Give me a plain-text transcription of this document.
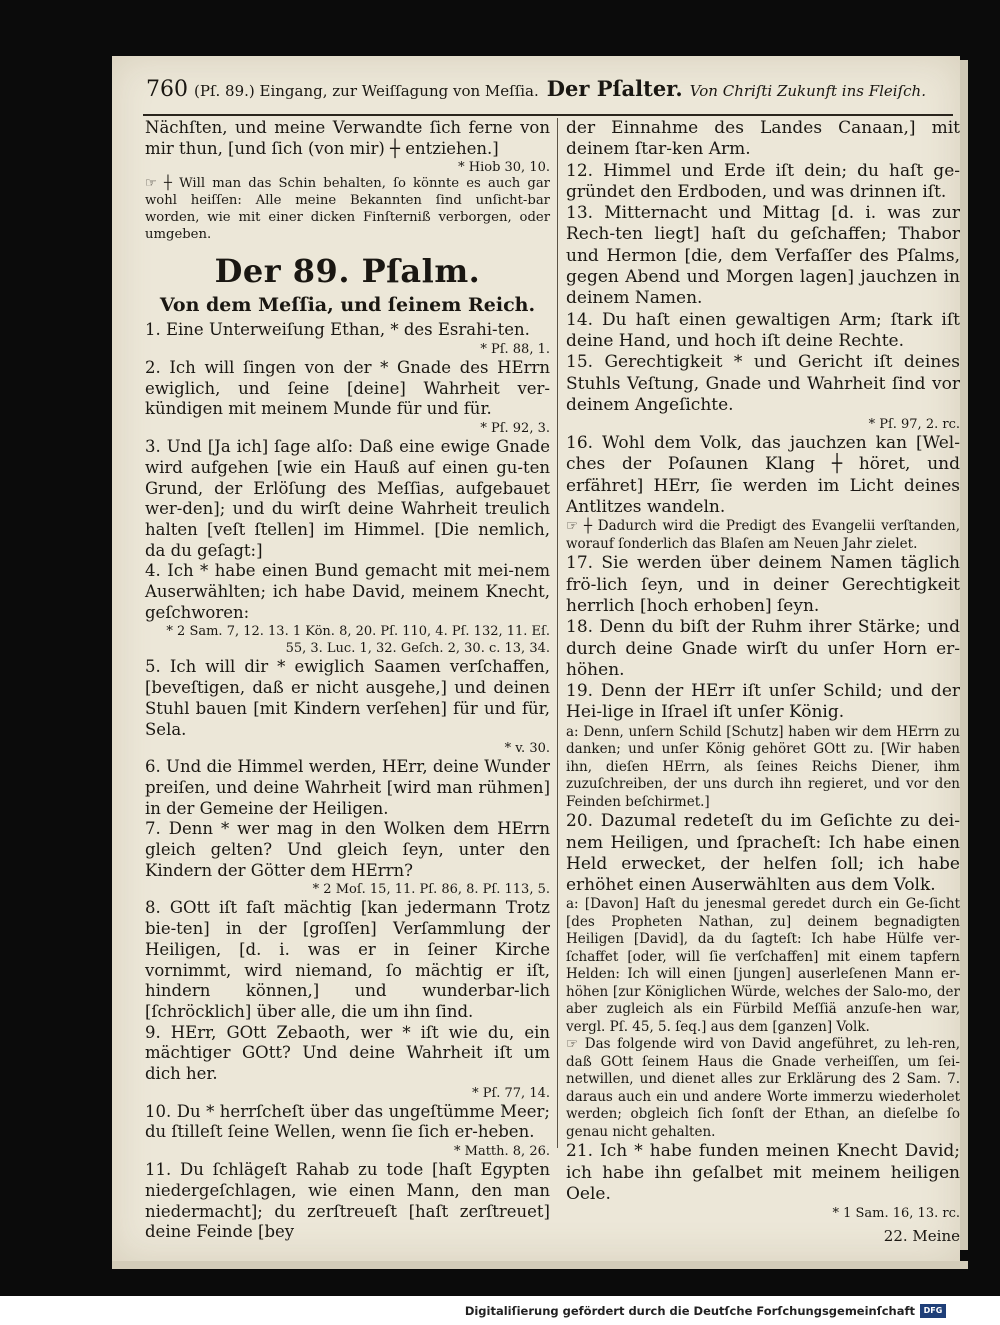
760 (Pſ. 89.) Eingang, zur Weiſſagung von Meſſia. Der Pſalter. Von Chriſti Zukunft ins Fleiſch.

Nächſten, und meine Verwandte ſich ferne von mir thun, [und ſich (von mir) ┼ entziehen.]

* Hiob 30, 10.

☞ ┼ Will man das Schin behalten, ſo könnte es auch gar wohl heiſſen: Alle meine Bekannten ſind unſicht-bar worden, wie mit einer dicken Finſterniß verborgen, oder umgeben.

Der 89. Pſalm.
Von dem Meſſia, und ſeinem Reich.

1. Eine Unterweiſung Ethan, * des Esrahi-ten.

* Pſ. 88, 1.

2. Ich will ſingen von der * Gnade des HErrn ewiglich, und ſeine [deine] Wahrheit ver-kündigen mit meinem Munde für und für.

* Pſ. 92, 3.

3. Und [Ja ich] ſage alſo: Daß eine ewige Gnade wird aufgehen [wie ein Hauß auf einen gu-ten Grund, der Erlöſung des Meſſias, aufgebauet wer-den]; und du wirſt deine Wahrheit treulich halten [veſt ſtellen] im Himmel. [Die nemlich, da du geſagt:]

4. Ich * habe einen Bund gemacht mit mei-nem Auserwählten; ich habe David, meinem Knecht, geſchworen:

* 2 Sam. 7, 12. 13. 1 Kön. 8, 20. Pſ. 110, 4. Pſ. 132, 11. Eſ. 55, 3. Luc. 1, 32. Geſch. 2, 30. c. 13, 34.

5. Ich will dir * ewiglich Saamen verſchaffen, [beveſtigen, daß er nicht ausgehe,] und deinen Stuhl bauen [mit Kindern verſehen] für und für, Sela.

* v. 30.

6. Und die Himmel werden, HErr, deine Wunder preiſen, und deine Wahrheit [wird man rühmen] in der Gemeine der Heiligen.

7. Denn * wer mag in den Wolken dem HErrn gleich gelten? Und gleich ſeyn, unter den Kindern der Götter dem HErrn?

* 2 Moſ. 15, 11. Pſ. 86, 8. Pſ. 113, 5.

8. GOtt iſt faſt mächtig [kan jedermann Trotz bie-ten] in der [groſſen] Verſammlung der Heiligen, [d. i. was er in ſeiner Kirche vornimmt, wird niemand, ſo mächtig er iſt, hindern können,] und wunderbar-lich [ſchröcklich] über alle, die um ihn ſind.

9. HErr, GOtt Zebaoth, wer * iſt wie du, ein mächtiger GOtt? Und deine Wahrheit iſt um dich her.

* Pſ. 77, 14.

10. Du * herrſcheſt über das ungeſtümme Meer; du ſtilleſt ſeine Wellen, wenn ſie ſich er-heben.

* Matth. 8, 26.

11. Du ſchlägeſt Rahab zu tode [haſt Egypten niedergeſchlagen, wie einen Mann, den man niedermacht]; du zerſtreueſt [haſt zerſtreuet] deine Feinde [bey

der Einnahme des Landes Canaan,] mit deinem ſtar-ken Arm.

12. Himmel und Erde iſt dein; du haſt ge-gründet den Erdboden, und was drinnen iſt.

13. Mitternacht und Mittag [d. i. was zur Rech-ten liegt] haſt du geſchaffen; Thabor und Hermon [die, dem Verfaſſer des Pſalms, gegen Abend und Morgen lagen] jauchzen in deinem Namen.

14. Du haſt einen gewaltigen Arm; ſtark iſt deine Hand, und hoch iſt deine Rechte.

15. Gerechtigkeit * und Gericht iſt deines Stuhls Veſtung, Gnade und Wahrheit ſind vor deinem Angeſichte.

* Pſ. 97, 2. rc.

16. Wohl dem Volk, das jauchzen kan [Wel-ches der Poſaunen Klang ┼ höret, und erfähret] HErr, ſie werden im Licht deines Antlitzes wandeln.

☞ ┼ Dadurch wird die Predigt des Evangelii verſtanden, worauf ſonderlich das Blaſen am Neuen Jahr zielet.

17. Sie werden über deinem Namen täglich frö-lich ſeyn, und in deiner Gerechtigkeit herrlich [hoch erhoben] ſeyn.

18. Denn du biſt der Ruhm ihrer Stärke; und durch deine Gnade wirſt du unſer Horn er-höhen.

19. Denn der HErr iſt unſer Schild; und der Hei-lige in Iſrael iſt unſer König.

a: Denn, unſern Schild [Schutz] haben wir dem HErrn zu danken; und unſer König gehöret GOtt zu. [Wir haben ihn, dieſen HErrn, als ſeines Reichs Diener, ihm zuzuſchreiben, der uns durch ihn regieret, und vor den Feinden beſchirmet.]

20. Dazumal redeteſt du im Geſichte zu dei-nem Heiligen, und ſpracheſt: Ich habe einen Held erwecket, der helfen ſoll; ich habe erhöhet einen Auserwählten aus dem Volk.

a: [Davon] Haſt du jenesmal geredet durch ein Ge-ſicht [des Propheten Nathan, zu] deinem begnadigten Heiligen [David], da du ſagteſt: Ich habe Hülfe ver-ſchaffet [oder, will ſie verſchaffen] mit einem tapfern Helden: Ich will einen [jungen] auserleſenen Mann er-höhen [zur Königlichen Würde, welches der Salo-mo, der aber zugleich als ein Fürbild Meſſiä anzuſe-hen war, vergl. Pſ. 45, 5. ſeq.] aus dem [ganzen] Volk.

☞ Das folgende wird von David angeführet, zu leh-ren, daß GOtt ſeinem Haus die Gnade verheiſſen, um ſei-netwillen, und dienet alles zur Erklärung des 2 Sam. 7. daraus auch ein und andere Worte immerzu wiederholet werden; obgleich ſich ſonſt der Ethan, an dieſelbe ſo genau nicht gehalten.

21. Ich * habe funden meinen Knecht David; ich habe ihn geſalbet mit meinem heiligen Oele.

* 1 Sam. 16, 13. rc.

22. Meine

Digitaliſierung gefördert durch die Deutſche Forſchungsgemeinſchaft	DFG
